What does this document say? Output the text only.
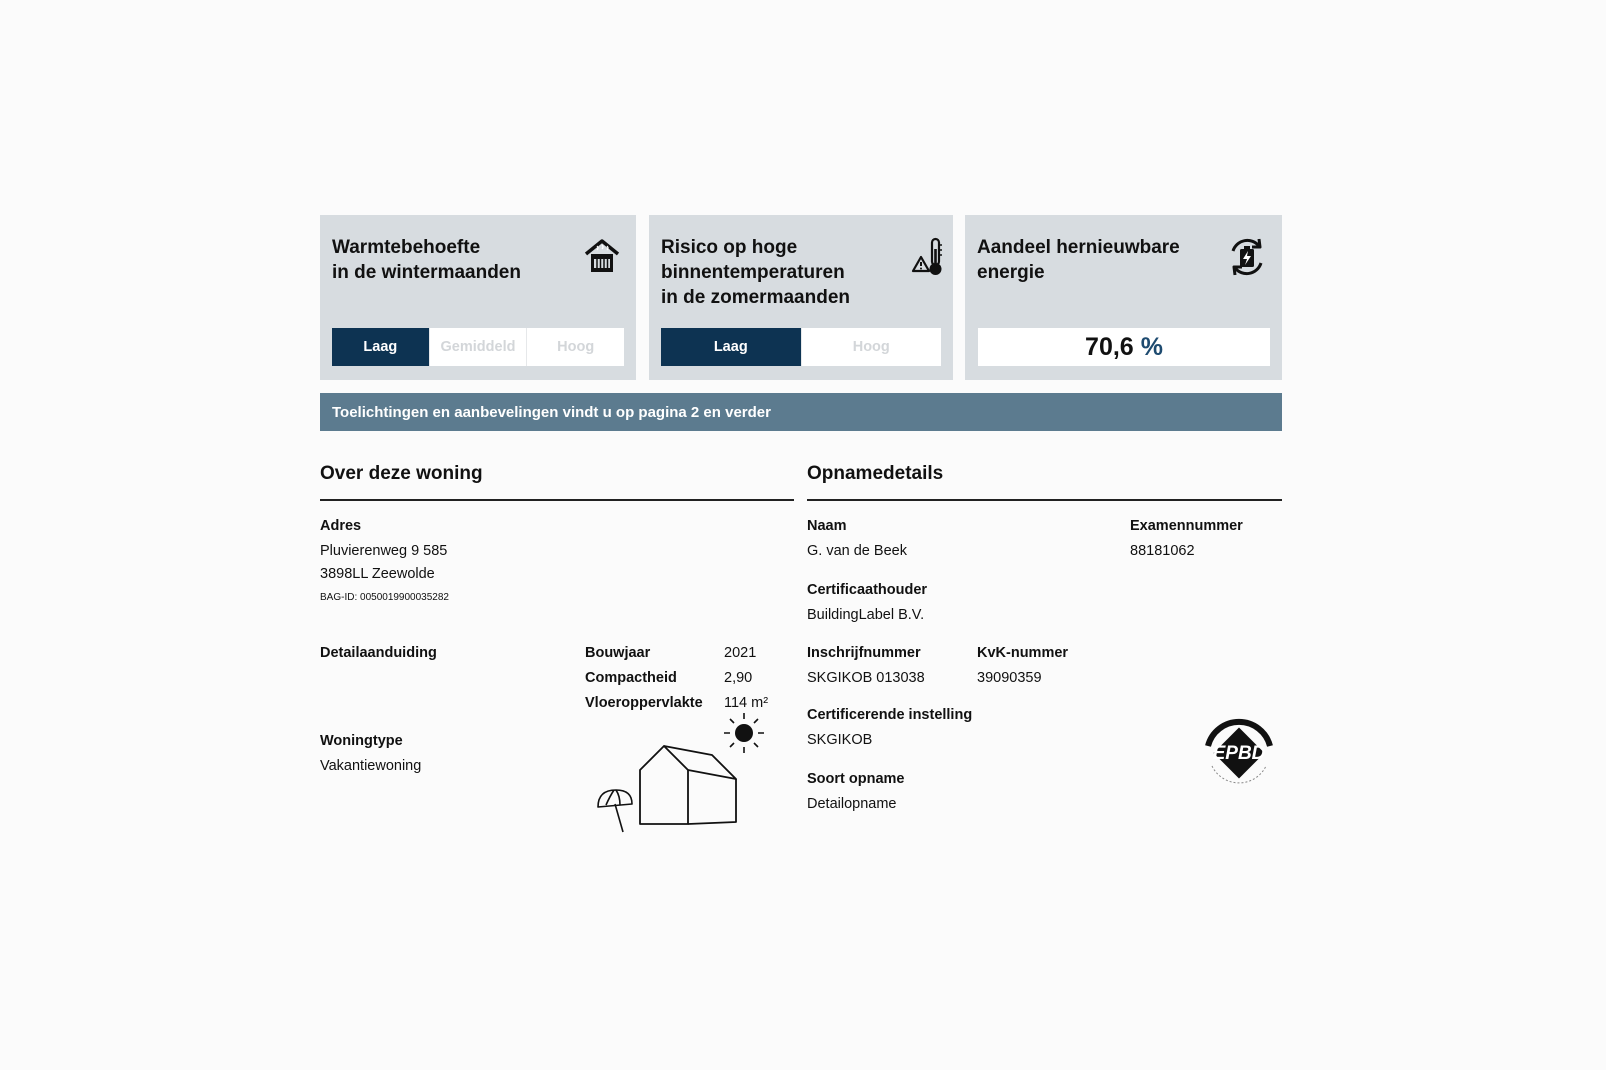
Warmtebehoefte
in de wintermaanden
Laag	Gemiddeld	Hoog
Risico op hoge
binnentemperaturen
in de zomermaanden
Laag	Hoog
Aandeel hernieuwbare
energie
70,6 %
Toelichtingen en aanbevelingen vindt u op pagina 2 en verder
Over deze woning
Adres
Pluvierenweg 9 585
3898LL Zeewolde
BAG-ID: 0050019900035282
Detailaanduiding	Bouwjaar	2021
Compactheid	2,90
Vloeroppervlakte 114 m²
Woningtype
Vakantiewoning
Opnamedetails
Naam
G. van de Beek
Examennummer
88181062
Certificaathouder
BuildingLabel B.V.
Inschrijfnummer
SKGIKOB 013038
KvK-nummer
39090359
Certificerende instelling
SKGIKOB
Soort opname
Detailopname
EPBD
